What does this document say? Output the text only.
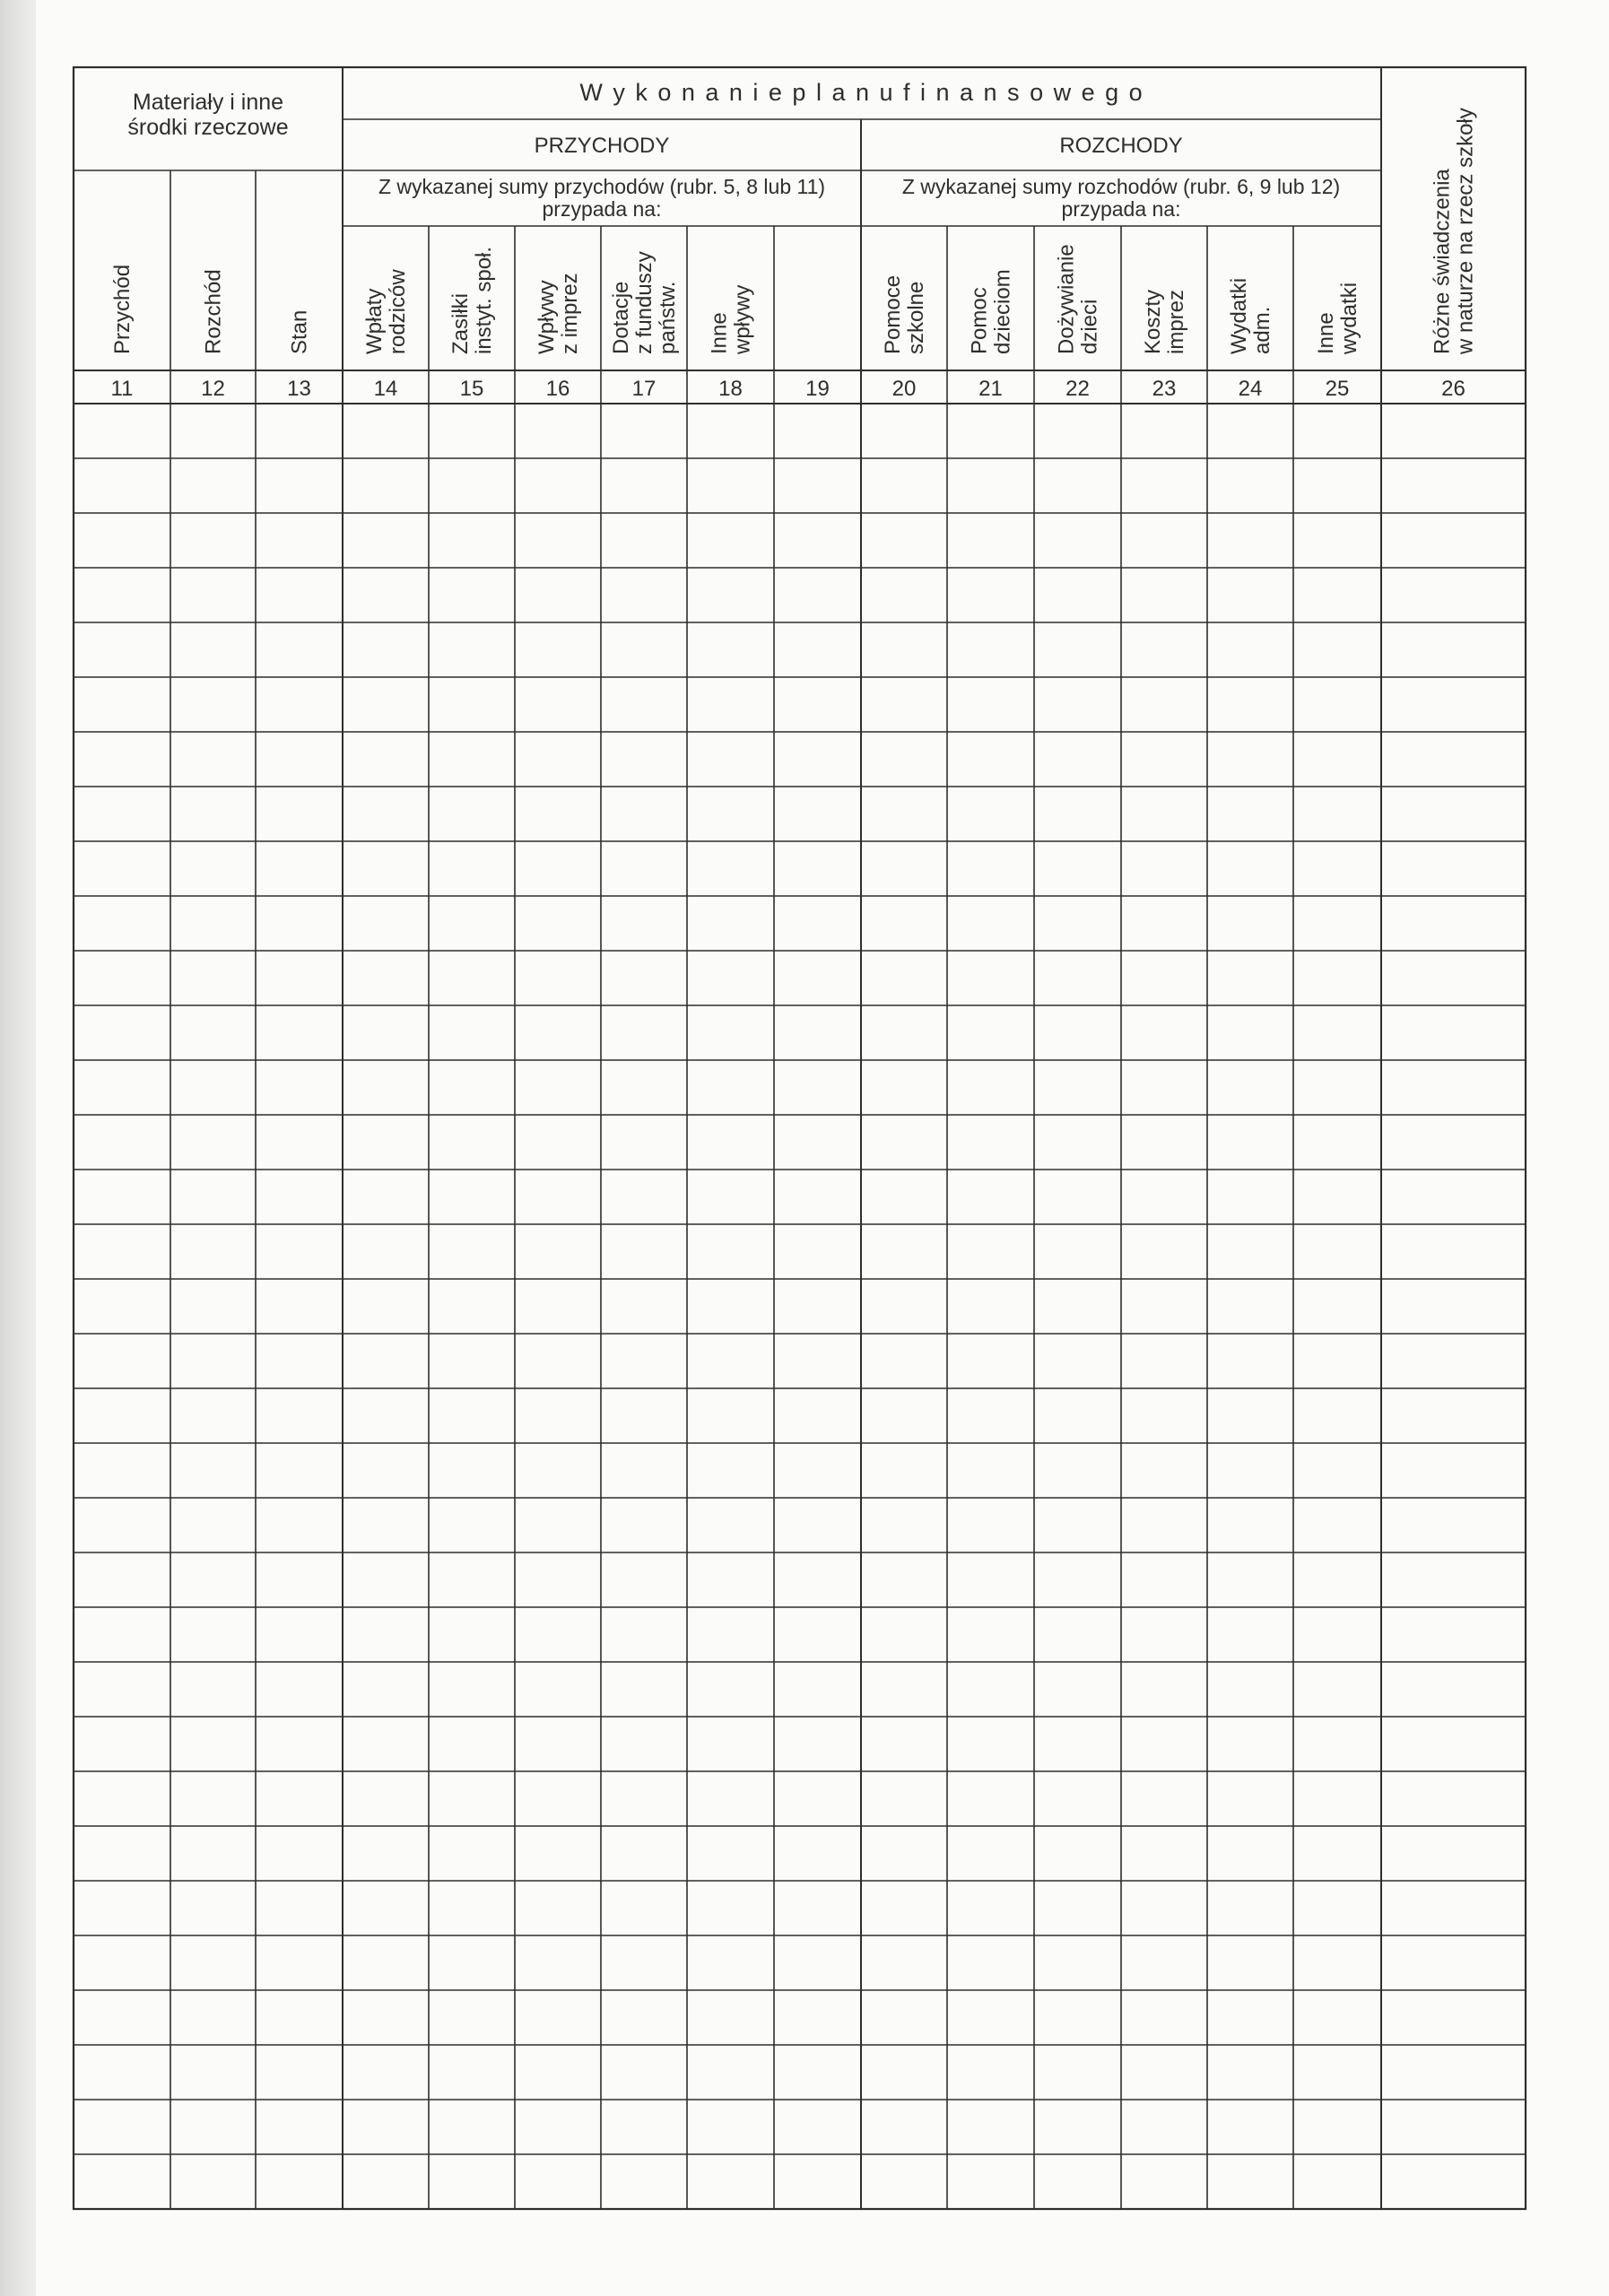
Materiały i inne
środki rzeczowe
W y k o n a n i e p l a n u f i n a n s o w e g o
PRZYCHODY	ROZCHODY
Z wykazanej sumy przychodów (rubr. 5, 8 lub 11)
przypada na:
Z wykazanej sumy rozchodów (rubr. 6, 9 lub 12)
przypada na:
Przychód
11
Rozchód
12
Stan
13
Wpłaty rodziców
14
Zasiłki instyt. społ.
15
Wpływy z imprez
16
Dotacje z funduszy państw.
17
Inne wpływy
18	19
Pomoce szkolne
20
Pomoc dzieciom
21
Dożywianie dzieci
22
Koszty imprez
23
Wydatki adm.
24
Inne wydatki
25
Różne świadczenia w naturze na rzecz szkoły
26
